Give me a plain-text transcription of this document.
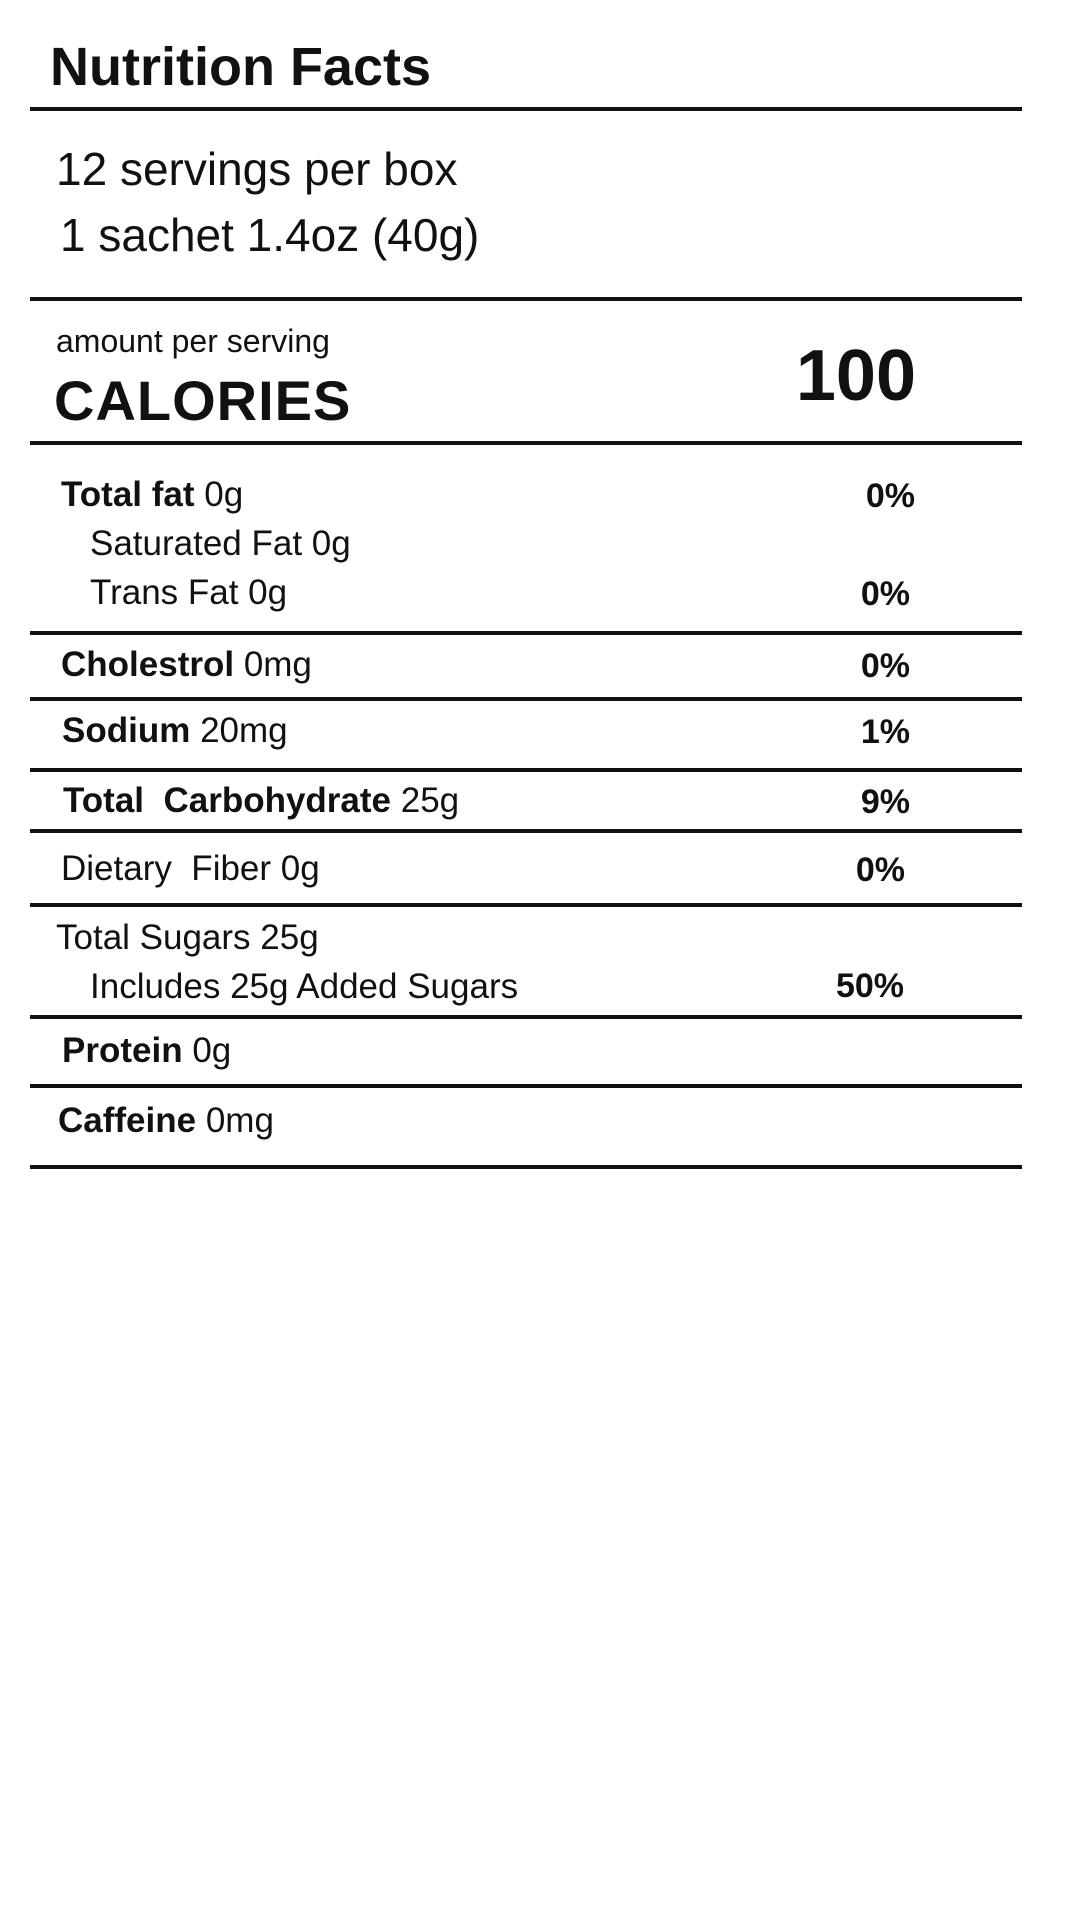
Nutrition Facts
12 servings per box
1 sachet 1.4oz (40g)
amount per serving
CALORIES	100
Total fat 0g	0%
Saturated Fat 0g
Trans Fat 0g	0%
Cholestrol 0mg	0%
Sodium 20mg	1%
Total  Carbohydrate 25g	9%
Dietary  Fiber 0g	0%
Total Sugars 25g
Includes 25g Added Sugars	50%
Protein 0g
Caffeine 0mg
